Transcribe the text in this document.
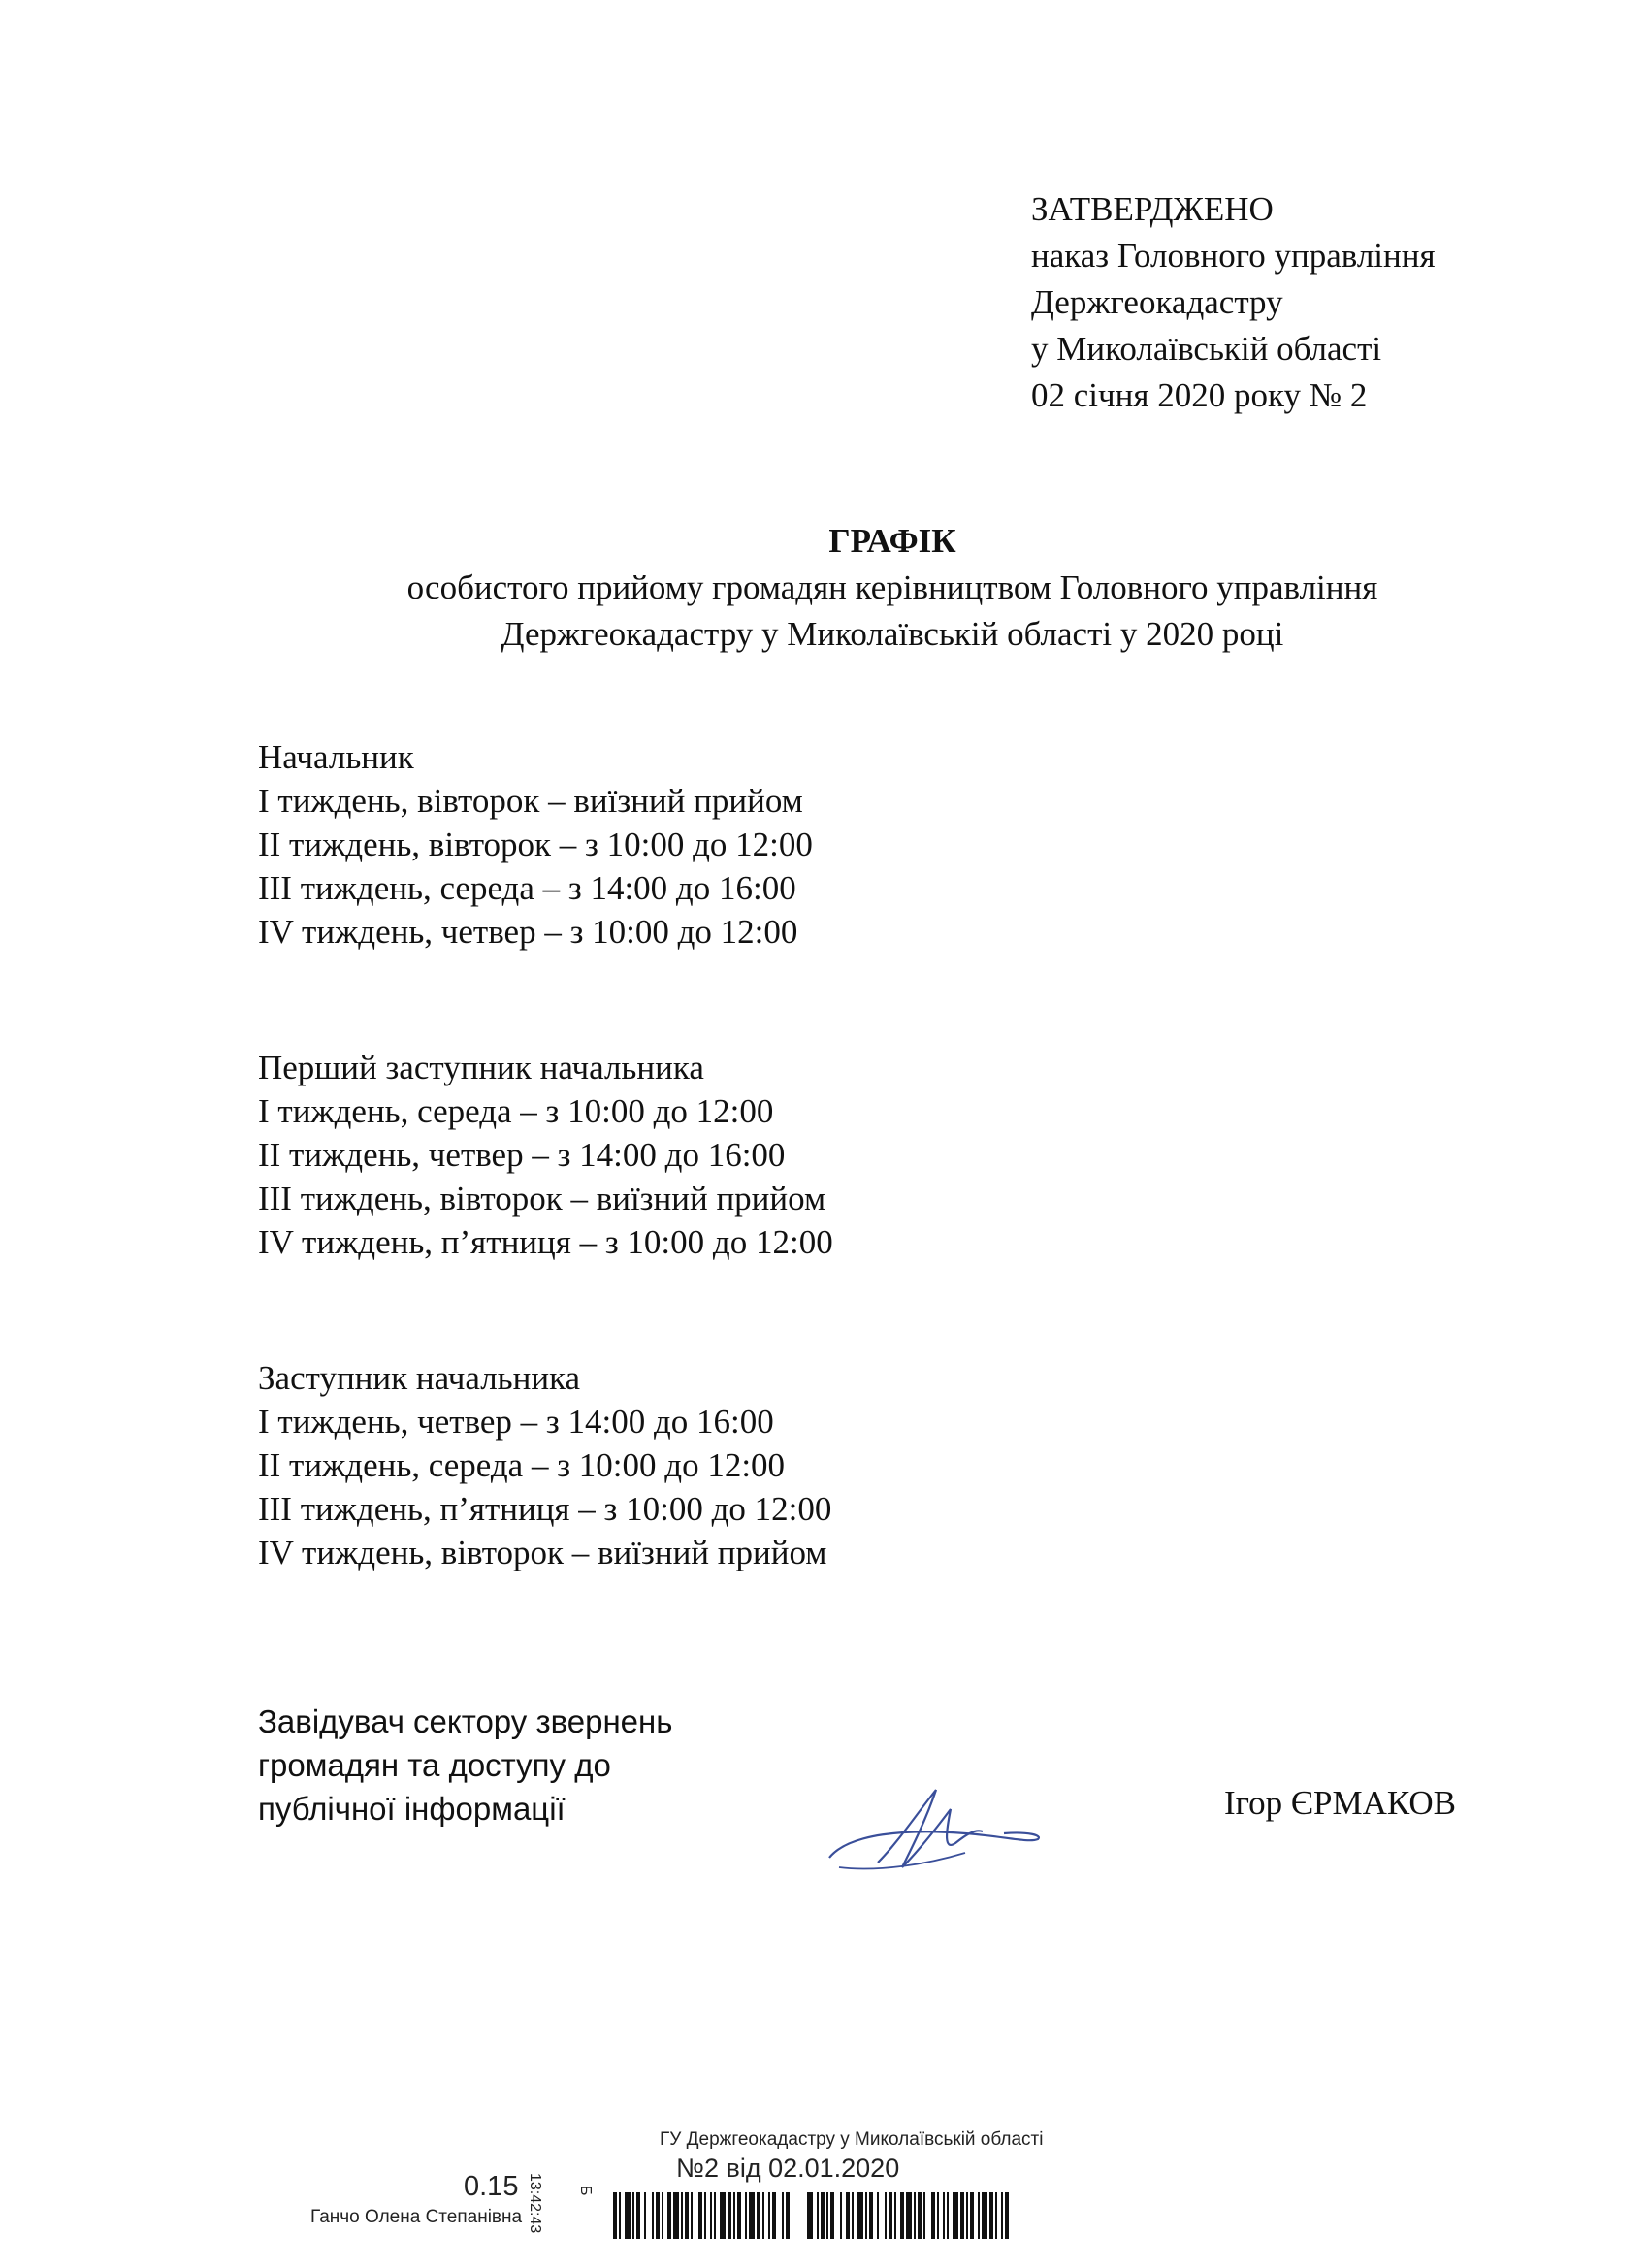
ЗАТВЕРДЖЕНО
наказ Головного управління
Держгеокадастру
у Миколаївській області
02 січня 2020 року № 2
ГРАФІК
особистого прийому громадян керівництвом Головного управління
Держгеокадастру у Миколаївській області у 2020 році
Начальник
І тиждень, вівторок – виїзний прийом
ІІ тиждень, вівторок – з 10:00 до 12:00
ІІІ тиждень, середа – з 14:00 до 16:00
ІV тиждень, четвер – з 10:00 до 12:00
Перший заступник начальника
І тиждень, середа – з 10:00 до 12:00
ІІ тиждень, четвер – з 14:00 до 16:00
ІІІ тиждень, вівторок – виїзний прийом
ІV тиждень, п’ятниця – з 10:00 до 12:00
Заступник начальника
І тиждень, четвер – з 14:00 до 16:00
ІІ тиждень, середа – з 10:00 до 12:00
ІІІ тиждень, п’ятниця – з 10:00 до 12:00
ІV тиждень, вівторок – виїзний прийом
Завідувач сектору звернень
громадян та доступу до
публічної інформації	Ігор ЄРМАКОВ
ГУ Держгеокадастру у Миколаївській області
№2 від 02.01.2020
0.15
Ганчо Олена Степанівна 13:42:43 Б
